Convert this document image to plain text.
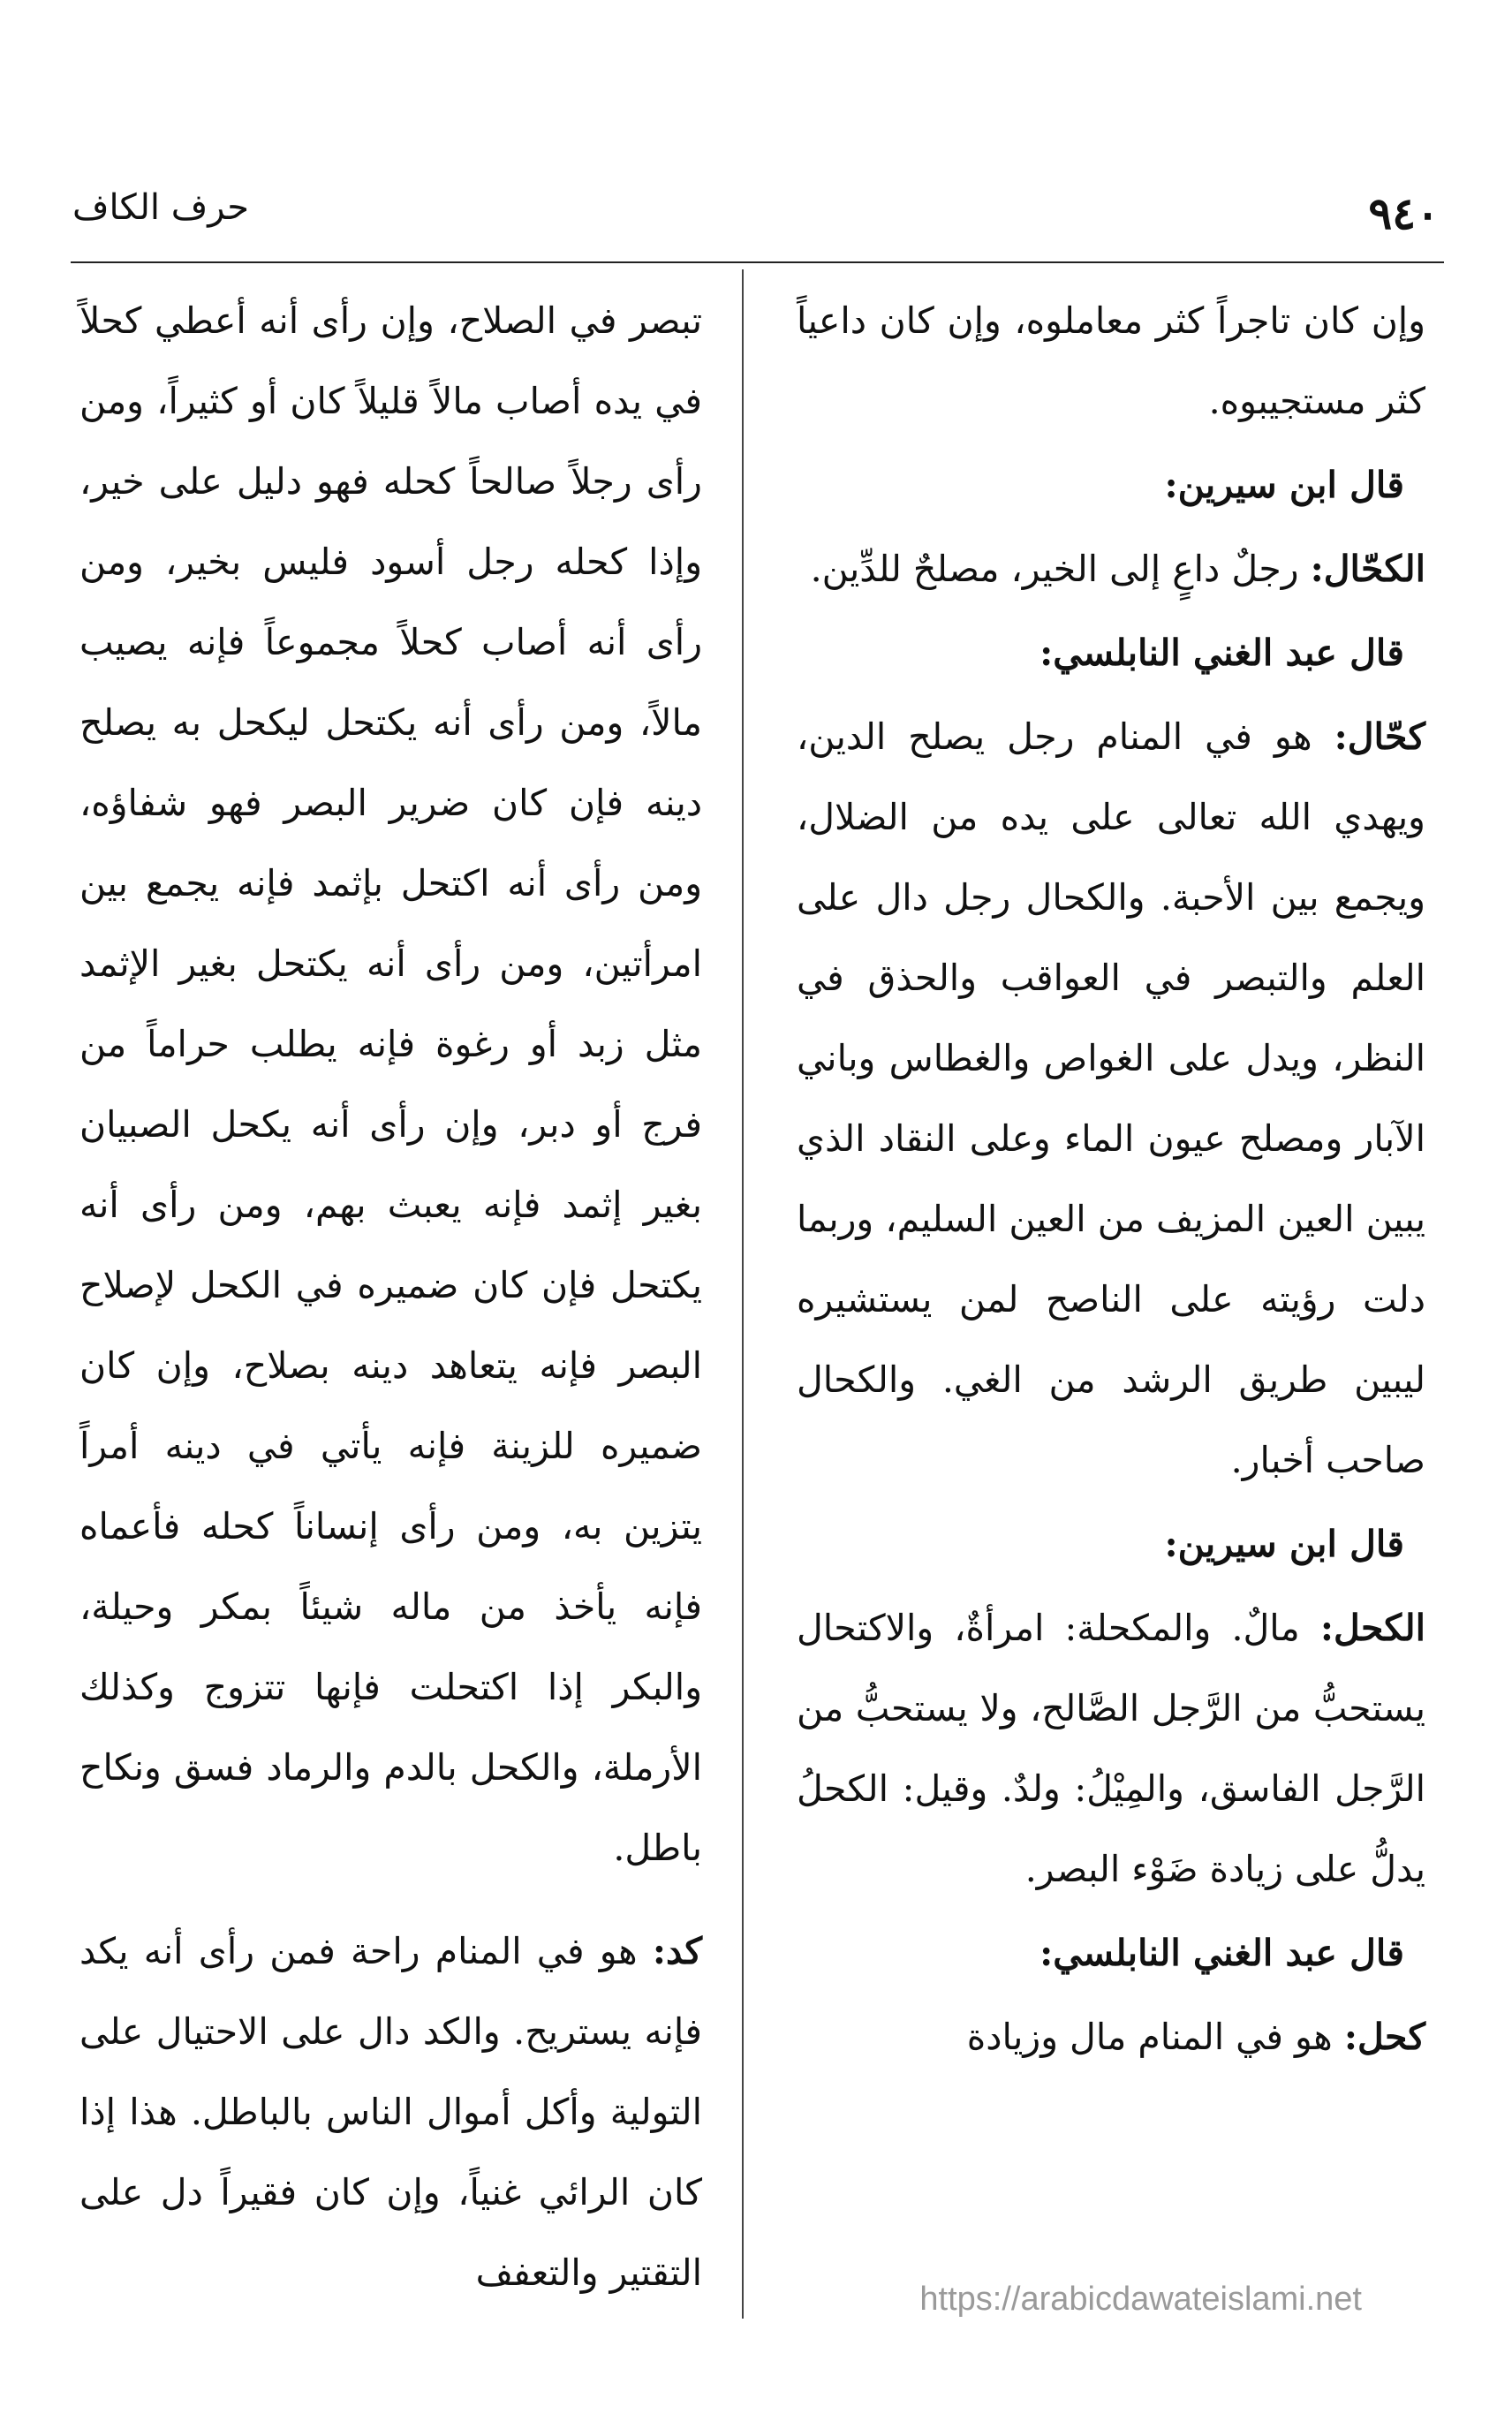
٩٤٠
حرف الكاف

وإن كان تاجراً كثر معاملوه، وإن كان داعياً كثر مستجيبوه.

قال ابن سيرين:

الكحّال: رجلٌ داعٍ إلى الخير، مصلحٌ للدِّين.

قال عبد الغني النابلسي:

كحّال: هو في المنام رجل يصلح الدين، ويهدي الله تعالى على يده من الضلال، ويجمع بين الأحبة. والكحال رجل دال على العلم والتبصر في العواقب والحذق في النظر، ويدل على الغواص والغطاس وباني الآبار ومصلح عيون الماء وعلى النقاد الذي يبين العين المزيف من العين السليم، وربما دلت رؤيته على الناصح لمن يستشيره ليبين طريق الرشد من الغي. والكحال صاحب أخبار.

قال ابن سيرين:

الكحل: مالٌ. والمكحلة: امرأةٌ، والاكتحال يستحبُّ من الرَّجل الصَّالح، ولا يستحبُّ من الرَّجل الفاسق، والمِيْلُ: ولدٌ. وقيل: الكحلُ يدلُّ على زيادة ضَوْء البصر.

قال عبد الغني النابلسي:

كحل: هو في المنام مال وزيادة

تبصر في الصلاح، وإن رأى أنه أعطي كحلاً في يده أصاب مالاً قليلاً كان أو كثيراً، ومن رأى رجلاً صالحاً كحله فهو دليل على خير، وإذا كحله رجل أسود فليس بخير، ومن رأى أنه أصاب كحلاً مجموعاً فإنه يصيب مالاً، ومن رأى أنه يكتحل ليكحل به يصلح دينه فإن كان ضرير البصر فهو شفاؤه، ومن رأى أنه اكتحل بإثمد فإنه يجمع بين امرأتين، ومن رأى أنه يكتحل بغير الإثمد مثل زبد أو رغوة فإنه يطلب حراماً من فرج أو دبر، وإن رأى أنه يكحل الصبيان بغير إثمد فإنه يعبث بهم، ومن رأى أنه يكتحل فإن كان ضميره في الكحل لإصلاح البصر فإنه يتعاهد دينه بصلاح، وإن كان ضميره للزينة فإنه يأتي في دينه أمراً يتزين به، ومن رأى إنساناً كحله فأعماه فإنه يأخذ من ماله شيئاً بمكر وحيلة، والبكر إذا اكتحلت فإنها تتزوج وكذلك الأرملة، والكحل بالدم والرماد فسق ونكاح باطل.

كد: هو في المنام راحة فمن رأى أنه يكد فإنه يستريح. والكد دال على الاحتيال على التولية وأكل أموال الناس بالباطل. هذا إذا كان الرائي غنياً، وإن كان فقيراً دل على التقتير والتعفف

https://arabicdawateislami.net
